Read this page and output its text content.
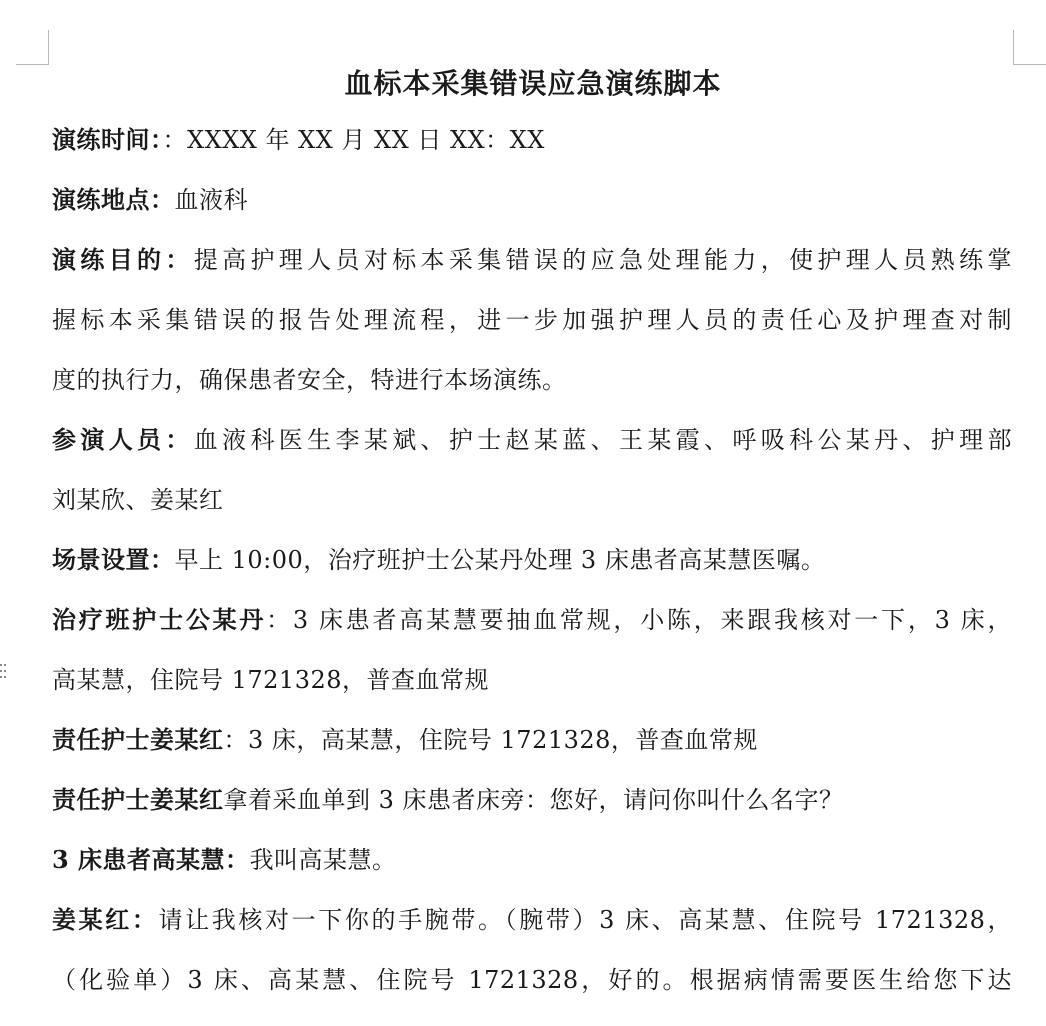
血标本采集错误应急演练脚本
演练时间：：XXXX 年 XX 月 XX 日 XX：XX
演练地点：血液科
演练目的：提高护理人员对标本采集错误的应急处理能力，使护理人员熟练掌
握标本采集错误的报告处理流程，进一步加强护理人员的责任心及护理查对制
度的执行力，确保患者安全，特进行本场演练。
参演人员：血液科医生李某斌、护士赵某蓝、王某霞、呼吸科公某丹、护理部
刘某欣、姜某红
场景设置：早上 10:00，治疗班护士公某丹处理 3 床患者高某慧医嘱。
治疗班护士公某丹：3 床患者高某慧要抽血常规，小陈，来跟我核对一下，3 床，
高某慧，住院号 1721328，普查血常规
责任护士姜某红：3 床，高某慧，住院号 1721328，普查血常规
责任护士姜某红拿着采血单到 3 床患者床旁：您好，请问你叫什么名字？
3 床患者高某慧：我叫高某慧。
姜某红：请让我核对一下你的手腕带。（腕带）3 床、高某慧、住院号 1721328，
（化验单）3 床、高某慧、住院号 1721328，好的。根据病情需要医生给您下达
